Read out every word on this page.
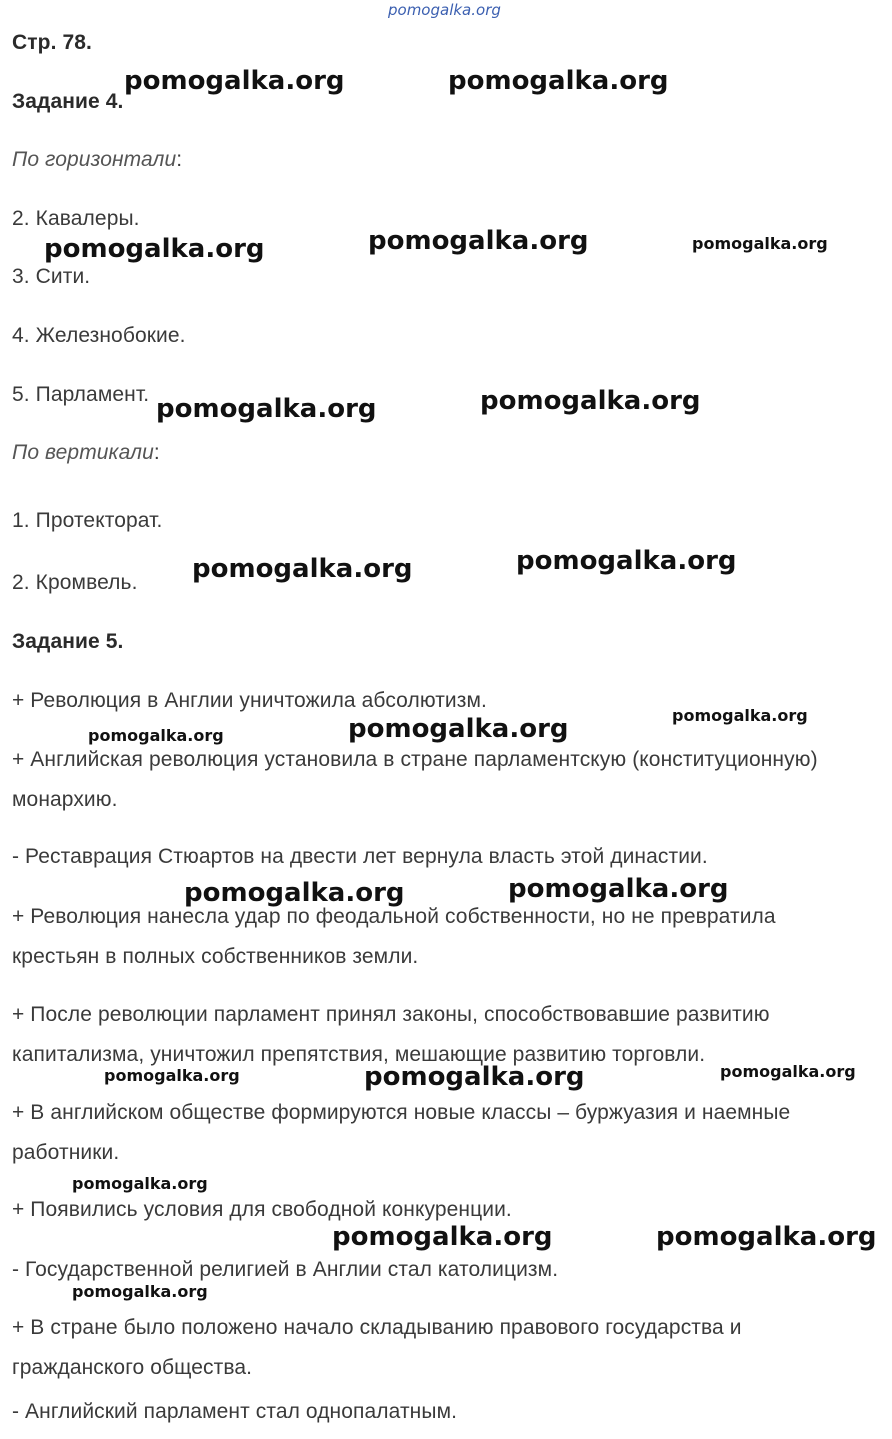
pomogalka.org
Стр. 78.
Задание 4.
По горизонтали:
2. Кавалеры.
3. Сити.
4. Железнобокие.
5. Парламент.
По вертикали:
1. Протекторат.
2. Кромвель.
Задание 5.
+ Революция в Англии уничтожила абсолютизм.
+ Английская революция установила в стране парламентскую (конституционную)
монархию.
- Реставрация Стюартов на двести лет вернула власть этой династии.
+ Революция нанесла удар по феодальной собственности, но не превратила
крестьян в полных собственников земли.
+ После революции парламент принял законы, способствовавшие развитию
капитализма, уничтожил препятствия, мешающие развитию торговли.
+ В английском обществе формируются новые классы – буржуазия и наемные
работники.
+ Появились условия для свободной конкуренции.
- Государственной религией в Англии стал католицизм.
+ В стране было положено начало складыванию правового государства и
гражданского общества.
- Английский парламент стал однопалатным.
pomogalka.org	pomogalka.org
pomogalka.org	pomogalka.org	pomogalka.org
pomogalka.org	pomogalka.org
pomogalka.org	pomogalka.org
pomogalka.org
pomogalka.org
pomogalka.org
pomogalka.org	pomogalka.org
pomogalka.org	pomogalka.org	pomogalka.org
pomogalka.org
pomogalka.org	pomogalka.org
pomogalka.org
